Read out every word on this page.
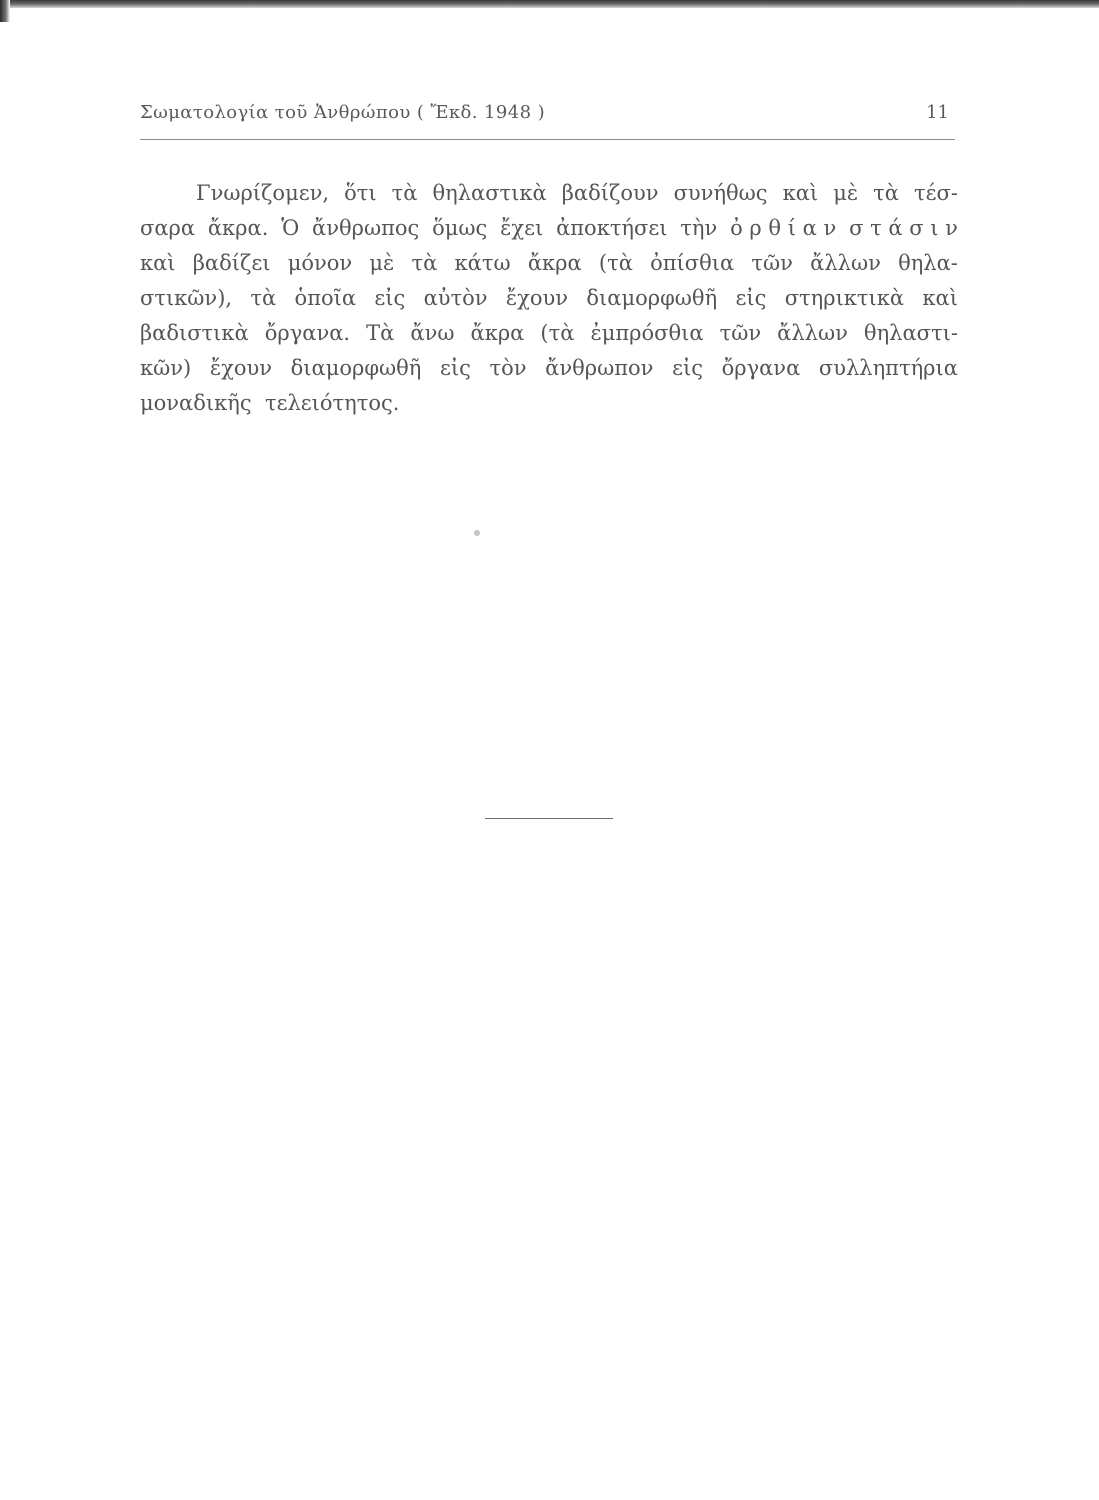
Σωματολογία τοῦ Ἀνθρώπου ( Ἔκδ. 1948 )	11
Γνωρίζομεν, ὅτι τὰ θηλαστικὰ βαδίζουν συνήθως καὶ μὲ τὰ τέσ-
σαρα ἄκρα. Ὁ ἄνθρωπος ὅμως ἔχει ἀποκτήσει τὴν ὀ ρ θ ί α ν σ τ ά σ ι ν
καὶ βαδίζει μόνον μὲ τὰ κάτω ἄκρα (τὰ ὀπίσθια τῶν ἄλλων θηλα-
στικῶν), τὰ ὁποῖα εἰς αὐτὸν ἔχουν διαμορφωθῆ εἰς στηρικτικὰ καὶ
βαδιστικὰ ὄργανα. Τὰ ἄνω ἄκρα (τὰ ἐμπρόσθια τῶν ἄλλων θηλαστι-
κῶν) ἔχουν διαμορφωθῆ εἰς τὸν ἄνθρωπον εἰς ὄργανα συλληπτήρια
μοναδικῆς
τελειότητος.
